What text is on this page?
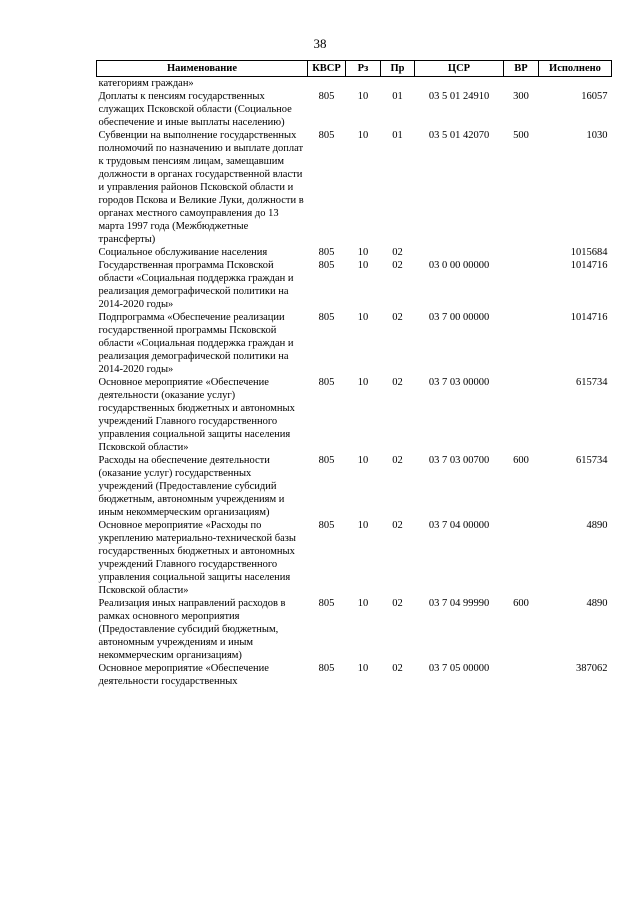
38
Наименование	КВСР	Рз	Пр	ЦСР	ВР	Исполнено
категориям граждан»						
Доплаты к пенсиям государственных служащих Псковской области (Социальное обеспечение и иные выплаты населению)	805	10	01	03 5 01 24910	300	16057
Субвенции на выполнение государственных полномочий по назначению и выплате доплат к трудовым пенсиям лицам, замещавшим должности в органах государственной власти и управления районов Псковской области и городов Пскова и Великие Луки, должности в органах местного самоуправления до 13 марта 1997 года (Межбюджетные трансферты)	805	10	01	03 5 01 42070	500	1030
Социальное обслуживание населения	805	10	02			1015684
Государственная программа Псковской области «Социальная поддержка граждан и реализация демографической политики на 2014-2020 годы»	805	10	02	03 0 00 00000		1014716
Подпрограмма «Обеспечение реализации государственной программы Псковской области «Социальная поддержка граждан и реализация демографической политики на 2014-2020 годы»	805	10	02	03 7 00 00000		1014716
Основное мероприятие «Обеспечение деятельности (оказание услуг) государственных бюджетных и автономных учреждений Главного государственного управления социальной защиты населения Псковской области»	805	10	02	03 7 03 00000		615734
Расходы на обеспечение деятельности (оказание услуг) государственных учреждений (Предоставление субсидий бюджетным, автономным учреждениям и иным некоммерческим организациям)	805	10	02	03 7 03 00700	600	615734
Основное мероприятие «Расходы по укреплению материально-технической базы государственных бюджетных и автономных учреждений Главного государственного управления социальной защиты населения Псковской области»	805	10	02	03 7 04 00000		4890
Реализация иных направлений расходов в рамках основного мероприятия (Предоставление субсидий бюджетным, автономным учреждениям и иным некоммерческим организациям)	805	10	02	03 7 04 99990	600	4890
Основное мероприятие «Обеспечение деятельности государственных	805	10	02	03 7 05 00000		387062
